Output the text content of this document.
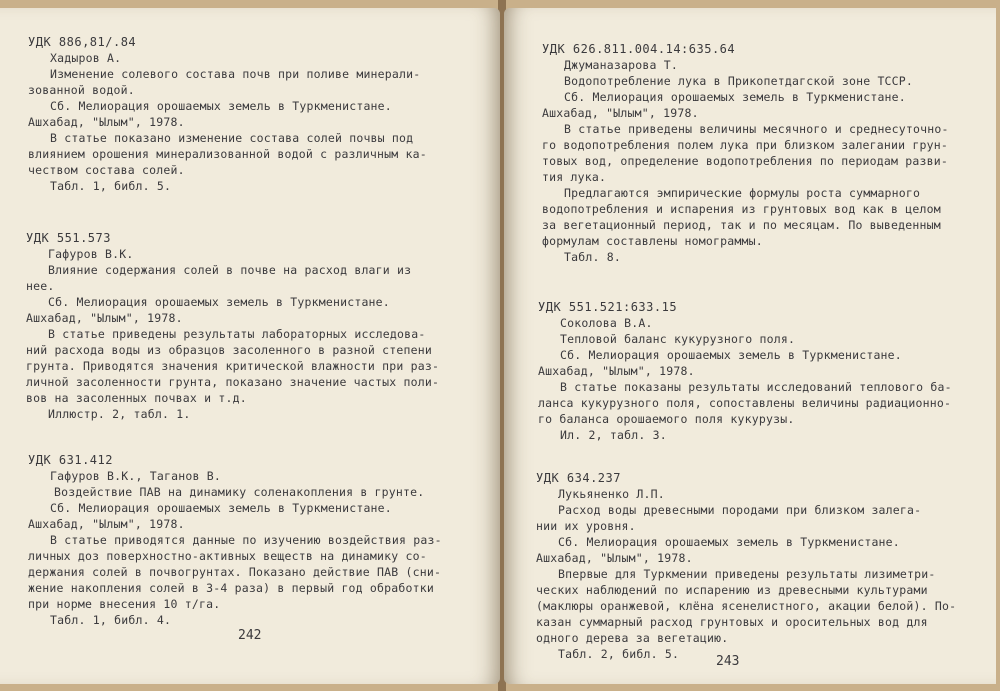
УДК 886,81/.84
Хадыров А.
Изменение солевого состава почв при поливе минерали-
зованной водой.
Сб. Мелиорация орошаемых земель в Туркменистане.
Ашхабад, "Ылым", 1978.
В статье показано изменение состава солей почвы под
влиянием орошения минерализованной водой с различным ка-
чеством состава солей.
Табл. 1, библ. 5.
УДК 551.573
Гафуров В.К.
Влияние содержания солей в почве на расход влаги из
нее.
Сб. Мелиорация орошаемых земель в Туркменистане.
Ашхабад, "Ылым", 1978.
В статье приведены результаты лабораторных исследова-
ний расхода воды из образцов засоленного в разной степени
грунта. Приводятся значения критической влажности при раз-
личной засоленности грунта, показано значение частых поли-
вов на засоленных почвах и т.д.
Иллюстр. 2, табл. 1.
УДК 631.412
Гафуров В.К., Таганов В.
Воздействие ПАВ на динамику соленакопления в грунте.
Сб. Мелиорация орошаемых земель в Туркменистане.
Ашхабад, "Ылым", 1978.
В статье приводятся данные по изучению воздействия раз-
личных доз поверхностно-активных веществ на динамику со-
держания солей в почвогрунтах. Показано действие ПАВ (сни-
жение накопления солей в 3-4 раза) в первый год обработки
при норме внесения 10 т/га.
Табл. 1, библ. 4.
242
УДК 626.811.004.14:635.64
Джуманазарова Т.
Водопотребление лука в Прикопетдагской зоне ТССР.
Сб. Мелиорация орошаемых земель в Туркменистане.
Ашхабад, "Ылым", 1978.
В статье приведены величины месячного и среднесуточно-
го водопотребления полем лука при близком залегании грун-
товых вод, определение водопотребления по периодам разви-
тия лука.
Предлагаются эмпирические формулы роста суммарного
водопотребления и испарения из грунтовых вод как в целом
за вегетационный период, так и по месяцам. По выведенным
формулам составлены номограммы.
Табл. 8.
УДК 551.521:633.15
Соколова В.А.
Тепловой баланс кукурузного поля.
Сб. Мелиорация орошаемых земель в Туркменистане.
Ашхабад, "Ылым", 1978.
В статье показаны результаты исследований теплового ба-
ланса кукурузного поля, сопоставлены величины радиационно-
го баланса орошаемого поля кукурузы.
Ил. 2, табл. 3.
УДК 634.237
Лукьяненко Л.П.
Расход воды древесными породами при близком залега-
нии их уровня.
Сб. Мелиорация орошаемых земель в Туркменистане.
Ашхабад, "Ылым", 1978.
Впервые для Туркмении приведены результаты лизиметри-
ческих наблюдений по испарению из древесными культурами
(маклюры оранжевой, клёна ясенелистного, акации белой). По-
казан суммарный расход грунтовых и оросительных вод для
одного дерева за вегетацию.
Табл. 2, библ. 5.	243
